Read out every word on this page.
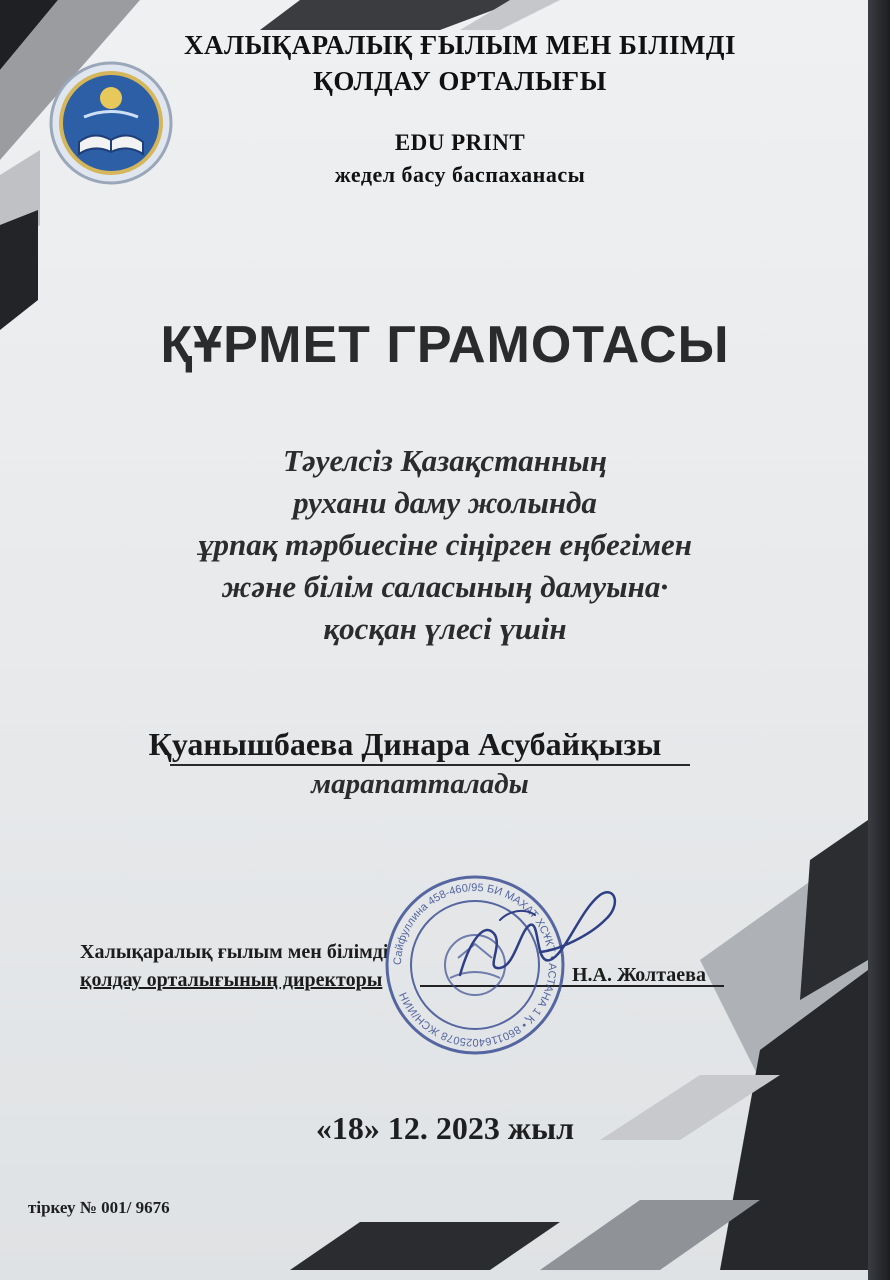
ХАЛЫҚАРАЛЫҚ ҒЫЛЫМ МЕН БІЛІМДІ
ҚОЛДАУ ОРТАЛЫҒЫ
EDU PRINT
жедел басу баспаханасы
ҚҰРМЕТ ГРАМОТАСЫ
Тәуелсіз Қазақстанның
рухани даму жолында
ұрпақ тәрбиесіне сіңірген еңбегімен
және білім саласының дамуына·
қосқан үлесі үшін
Қуанышбаева Динара Асубайқызы
марапатталады
Халықаралық ғылым мен білімді
қолдау орталығының директоры
Сайфуллина 458-460/95 БИ МАХАТ ХСҰКТ • АСТАНА 1 Қ • 8601164025078 ЖСН/ИИН
Н.А. Жолтаева
«18» 12. 2023 жыл
тіркеу № 001/ 9676
